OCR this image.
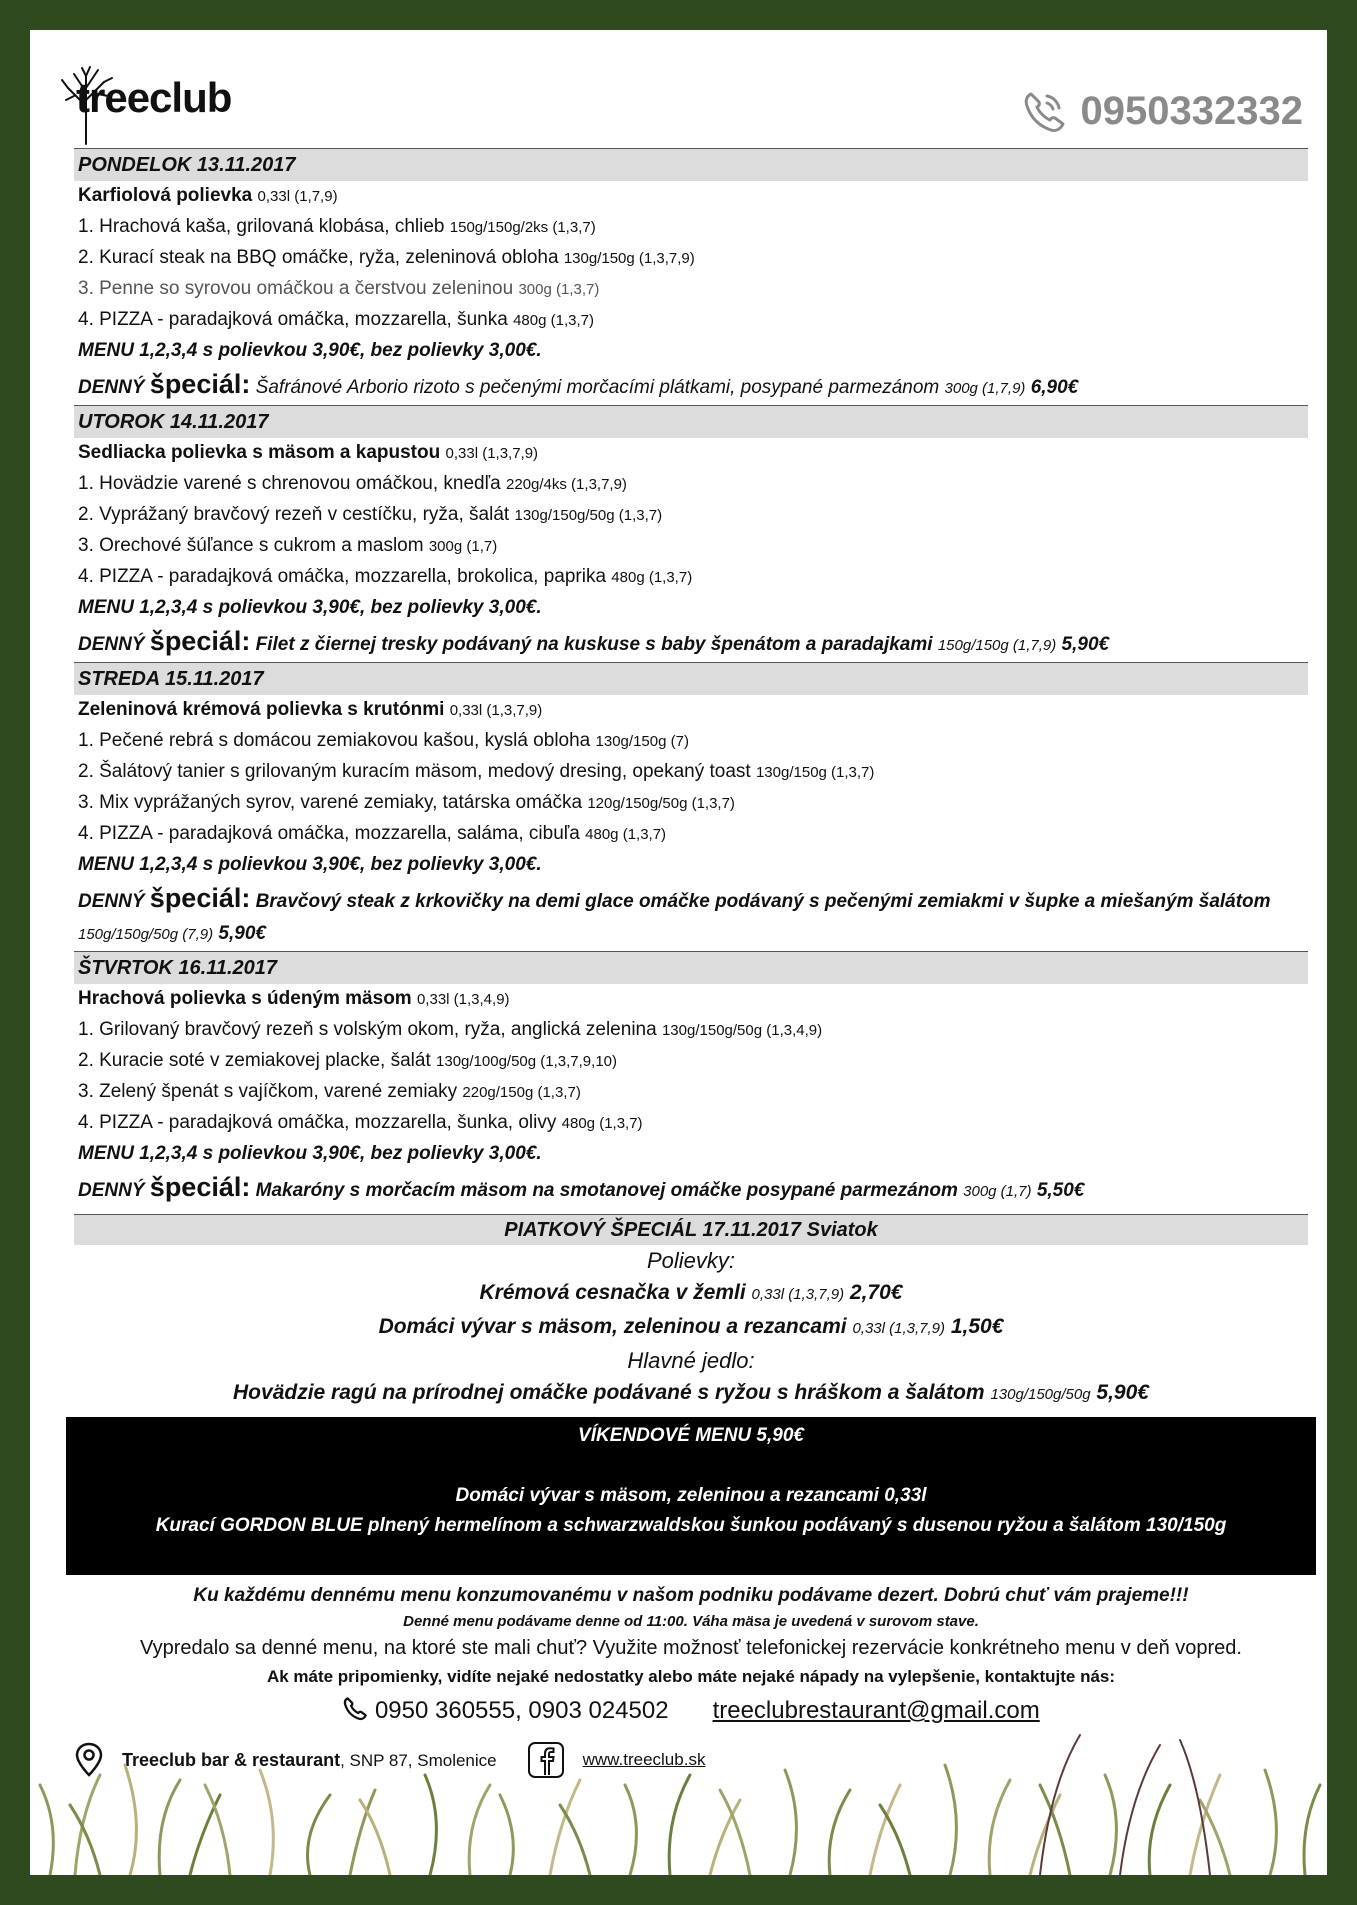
treeclub	0950332332
PONDELOK 13.11.2017
Karfiolová polievka 0,33l (1,7,9)
1. Hrachová kaša, grilovaná klobása, chlieb 150g/150g/2ks (1,3,7)
2. Kurací steak na BBQ omáčke, ryža, zeleninová obloha 130g/150g (1,3,7,9)
3. Penne so syrovou omáčkou a čerstvou zeleninou 300g (1,3,7)
4. PIZZA - paradajková omáčka, mozzarella, šunka 480g (1,3,7)
MENU 1,2,3,4 s polievkou 3,90€, bez polievky 3,00€.
DENNÝ špeciál: Šafránové Arborio rizoto s pečenými morčacími plátkami, posypané parmezánom 300g (1,7,9) 6,90€
UTOROK 14.11.2017
Sedliacka polievka s mäsom a kapustou 0,33l (1,3,7,9)
1. Hovädzie varené s chrenovou omáčkou, knedľa 220g/4ks (1,3,7,9)
2. Vyprážaný bravčový rezeň v cestíčku, ryža, šalát 130g/150g/50g (1,3,7)
3. Orechové šúľance s cukrom a maslom 300g (1,7)
4. PIZZA - paradajková omáčka, mozzarella, brokolica, paprika 480g (1,3,7)
MENU 1,2,3,4 s polievkou 3,90€, bez polievky 3,00€.
DENNÝ špeciál: Filet z čiernej tresky podávaný na kuskuse s baby špenátom a paradajkami 150g/150g (1,7,9) 5,90€
STREDA 15.11.2017
Zeleninová krémová polievka s krutónmi 0,33l (1,3,7,9)
1. Pečené rebrá s domácou zemiakovou kašou, kyslá obloha 130g/150g (7)
2. Šalátový tanier s grilovaným kuracím mäsom, medový dresing, opekaný toast 130g/150g (1,3,7)
3. Mix vyprážaných syrov, varené zemiaky, tatárska omáčka 120g/150g/50g (1,3,7)
4. PIZZA - paradajková omáčka, mozzarella, saláma, cibuľa 480g (1,3,7)
MENU 1,2,3,4 s polievkou 3,90€, bez polievky 3,00€.
DENNÝ špeciál: Bravčový steak z krkovičky na demi glace omáčke podávaný s pečenými zemiakmi v šupke a miešaným šalátom 150g/150g/50g (7,9) 5,90€
ŠTVRTOK 16.11.2017
Hrachová polievka s údeným mäsom 0,33l (1,3,4,9)
1. Grilovaný bravčový rezeň s volským okom, ryža, anglická zelenina 130g/150g/50g (1,3,4,9)
2. Kuracie soté v zemiakovej placke, šalát 130g/100g/50g (1,3,7,9,10)
3. Zelený špenát s vajíčkom, varené zemiaky 220g/150g (1,3,7)
4. PIZZA - paradajková omáčka, mozzarella, šunka, olivy 480g (1,3,7)
MENU 1,2,3,4 s polievkou 3,90€, bez polievky 3,00€.
DENNÝ špeciál: Makaróny s morčacím mäsom na smotanovej omáčke posypané parmezánom 300g (1,7) 5,50€
PIATKOVÝ ŠPECIÁL 17.11.2017 Sviatok
Polievky:
Krémová cesnačka v žemli 0,33l (1,3,7,9) 2,70€
Domáci vývar s mäsom, zeleninou a rezancami 0,33l (1,3,7,9) 1,50€
Hlavné jedlo:
Hovädzie ragú na prírodnej omáčke podávané s ryžou s hráškom a šalátom 130g/150g/50g 5,90€
VÍKENDOVÉ MENU 5,90€
Domáci vývar s mäsom, zeleninou a rezancami 0,33l
Kurací GORDON BLUE plnený hermelínom a schwarzwaldskou šunkou podávaný s dusenou ryžou a šalátom 130/150g
Ku každému dennému menu konzumovanému v našom podniku podávame dezert. Dobrú chuť vám prajeme!!!
Denné menu podávame denne od 11:00. Váha mäsa je uvedená v surovom stave.
Vypredalo sa denné menu, na ktoré ste mali chuť? Využite možnosť telefonickej rezervácie konkrétneho menu v deň vopred.
Ak máte pripomienky, vidíte nejaké nedostatky alebo máte nejaké nápady na vylepšenie, kontaktujte nás:
0950 360555, 0903 024502 treeclubrestaurant@gmail.com
Treeclub bar & restaurant, SNP 87, Smolenice	www.treeclub.sk
